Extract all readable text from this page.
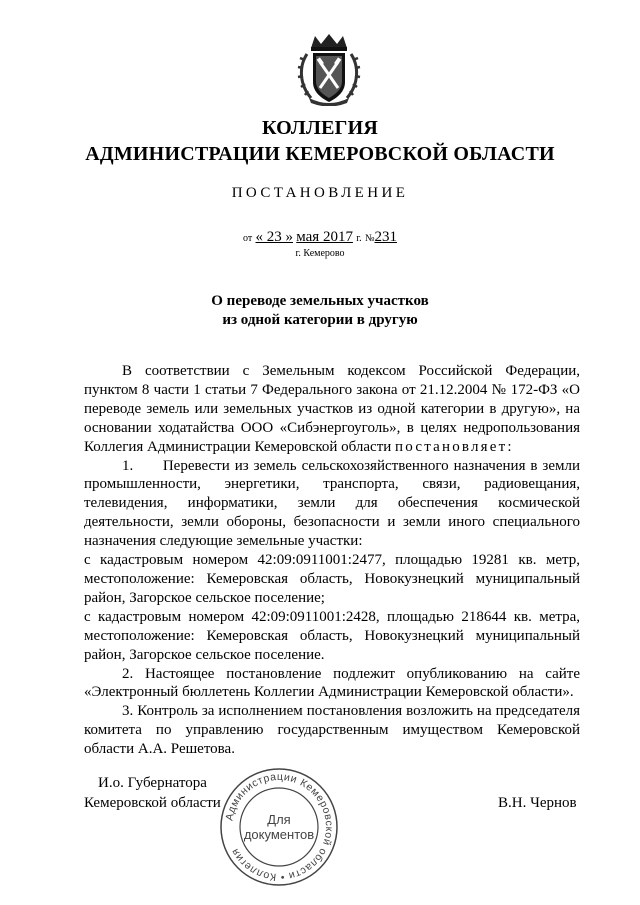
КОЛЛЕГИЯ
АДМИНИСТРАЦИИ КЕМЕРОВСКОЙ ОБЛАСТИ
ПОСТАНОВЛЕНИЕ
от « 23 » мая 2017 г. №231
г. Кемерово
О переводе земельных участков
из одной категории в другую

В соответствии с Земельным кодексом Российской Федерации, пунктом 8 части 1 статьи 7 Федерального закона от 21.12.2004 № 172-ФЗ «О переводе земель или земельных участков из одной категории в другую», на основании ходатайства ООО «Сибэнергоуголь», в целях недропользования Коллегия Администрации Кемеровской области постановляет:

1.      Перевести из земель сельскохозяйственного назначения в земли промышленности, энергетики, транспорта, связи, радиовещания, телевидения, информатики, земли для обеспечения космической деятельности, земли обороны, безопасности и земли иного специального назначения следующие земельные участки:

с кадастровым номером 42:09:0911001:2477, площадью 19281 кв. метр, местоположение: Кемеровская область, Новокузнецкий муниципальный район, Загорское сельское поселение;

с кадастровым номером 42:09:0911001:2428, площадью 218644 кв. метра, местоположение: Кемеровская область, Новокузнецкий муниципальный район, Загорское сельское поселение.

2. Настоящее постановление подлежит опубликованию на сайте «Электронный бюллетень Коллегии Администрации Кемеровской области».

3. Контроль за исполнением постановления возложить на председателя комитета по управлению государственным имуществом Кемеровской области А.А. Решетова.

И.о. Губернатора
Кемеровской области	В.Н. Чернов
Администрации Кемеровской области • Коллегия
Для
документов
